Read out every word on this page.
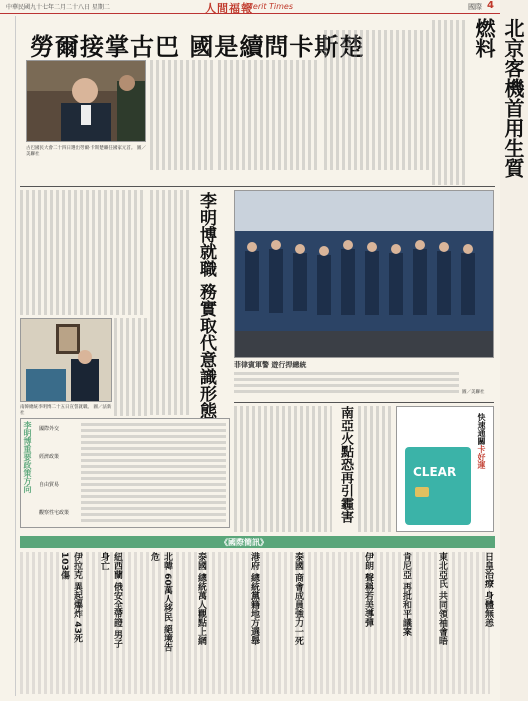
中華民國九十七年二月二十八日 星期二	人間福報
Merit Times	國際 4
勞爾接掌古巴 國是續問卡斯楚
古巴國民大會二十四日選出勞爾·卡斯楚繼任國家元首。 圖／美聯社	北京客機首用生質燃料
李明博就職 務實取代意識形態
南韓總統李明博二十五日宣誓就職。 圖／法新社
李明博重要政策方向 國際外交
經濟政策
自由貿易
觀察性宅政策
菲律賓軍警 遊行捍總統
圖／美聯社
南亞火點恐再引霾害	快速通關卡好運
CLEAR
《國際簡訊》
日皇治療 身體無恙
東北亞氏 共同領袖會晤
肯尼亞 再批和平議案
伊朗 聲稱若美導彈
泰國 商會成員強力一死
港府 總統黨籍地方選舉
泰國 總統萬人觀點上網
北韓 60萬人移民 絕境告危
紐西蘭 俄安全帶證 男子身亡
伊拉克 異起爆炸 43死103傷
